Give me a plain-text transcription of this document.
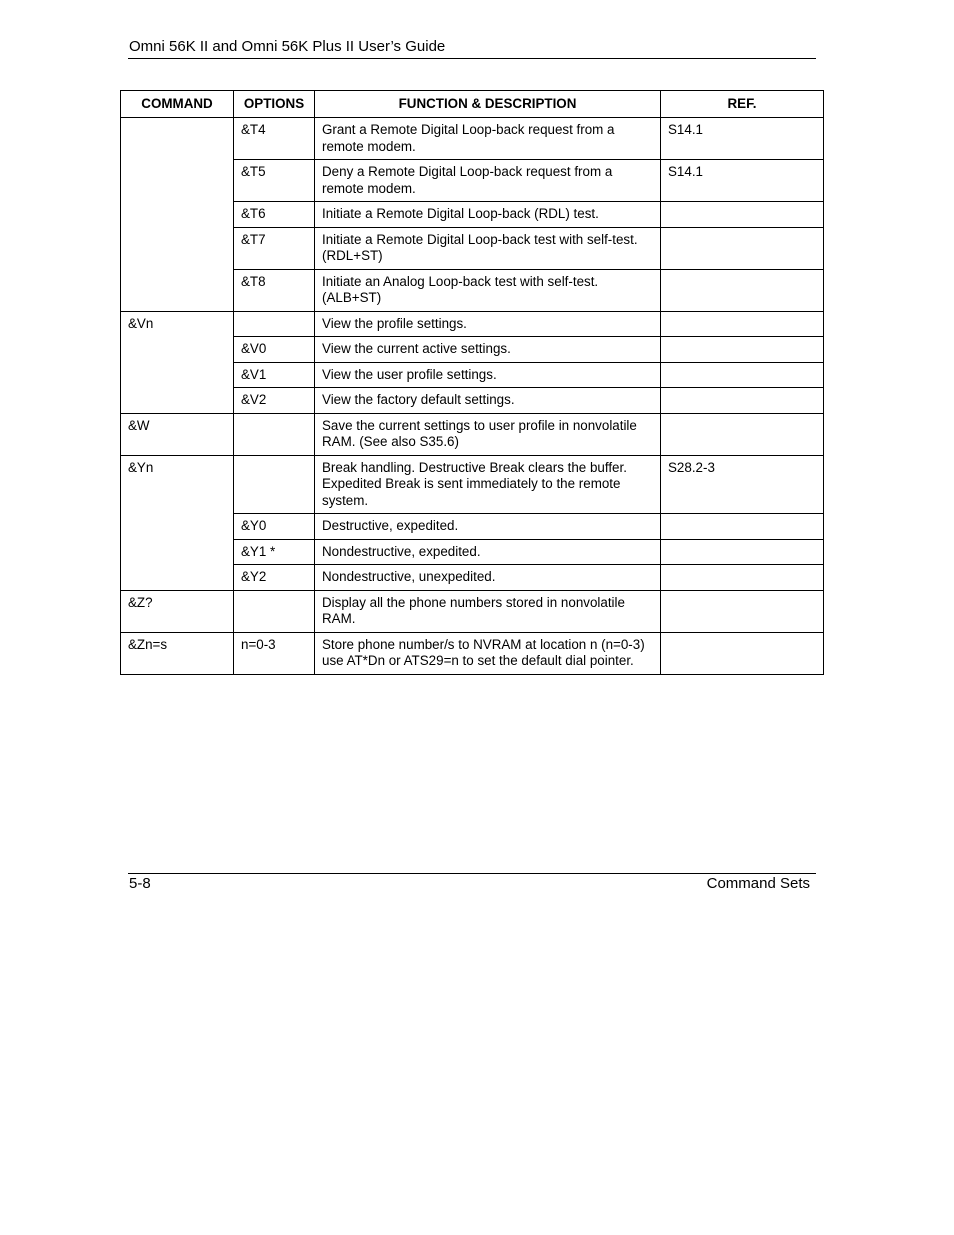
Omni 56K II and Omni 56K Plus II User’s Guide
COMMAND	OPTIONS	FUNCTION & DESCRIPTION	REF.
	&T4	Grant a Remote Digital Loop-back request from a remote modem.	S14.1
	&T5	Deny a Remote Digital Loop-back request from a remote modem.	S14.1
	&T6	Initiate a Remote Digital Loop-back (RDL) test.	
	&T7	Initiate a Remote Digital Loop-back test with self-test. (RDL+ST)	
	&T8	Initiate an Analog Loop-back test with self-test. (ALB+ST)	
&Vn		View the profile settings.	
	&V0	View the current active settings.	
	&V1	View the user profile settings.	
	&V2	View the factory default settings.	
&W		Save the current settings to user profile in nonvolatile RAM. (See also S35.6)	
&Yn		Break handling. Destructive Break clears the buffer. Expedited Break is sent immediately to the remote system.	S28.2-3
	&Y0	Destructive, expedited.	
	&Y1 *	Nondestructive, expedited.	
	&Y2	Nondestructive, unexpedited.	
&Z?		Display all the phone numbers stored in nonvolatile RAM.	
&Zn=s	n=0-3	Store phone number/s to NVRAM at location n (n=0-3) use AT*Dn or ATS29=n to set the default dial pointer.	
5-8	Command Sets
